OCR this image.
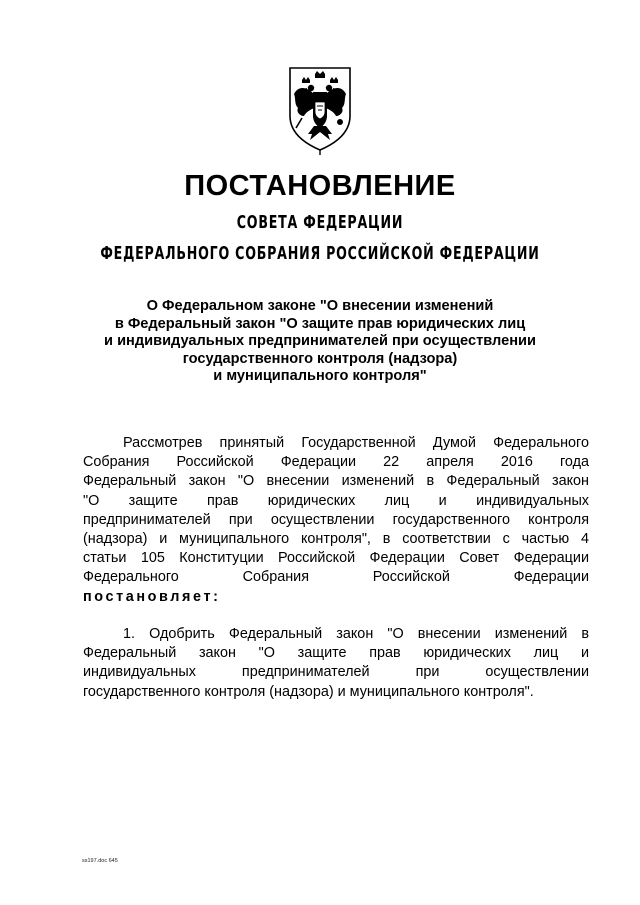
ПОСТАНОВЛЕНИЕ

СОВЕТА ФЕДЕРАЦИИ

ФЕДЕРАЛЬНОГО СОБРАНИЯ РОССИЙСКОЙ ФЕДЕРАЦИИ

О Федеральном законе "О внесении изменений
в Федеральный закон "О защите прав юридических лиц
и индивидуальных предпринимателей при осуществлении
государственного контроля (надзора)
и муниципального контроля"
Рассмотрев принятый Государственной Думой Федерального
Собрания Российской Федерации 22 апреля 2016 года
Федеральный закон "О внесении изменений в Федеральный закон
"О защите прав юридических лиц и индивидуальных
предпринимателей при осуществлении государственного контроля
(надзора) и муниципального контроля", в соответствии с частью 4
статьи 105 Конституции Российской Федерации Совет Федерации
Федерального Собрания Российской Федерации
постановляет:
1. Одобрить Федеральный закон "О внесении изменений в
Федеральный закон "О защите прав юридических лиц и
индивидуальных предпринимателей при осуществлении
государственного контроля (надзора) и муниципального контроля".

ss197.doc 645
